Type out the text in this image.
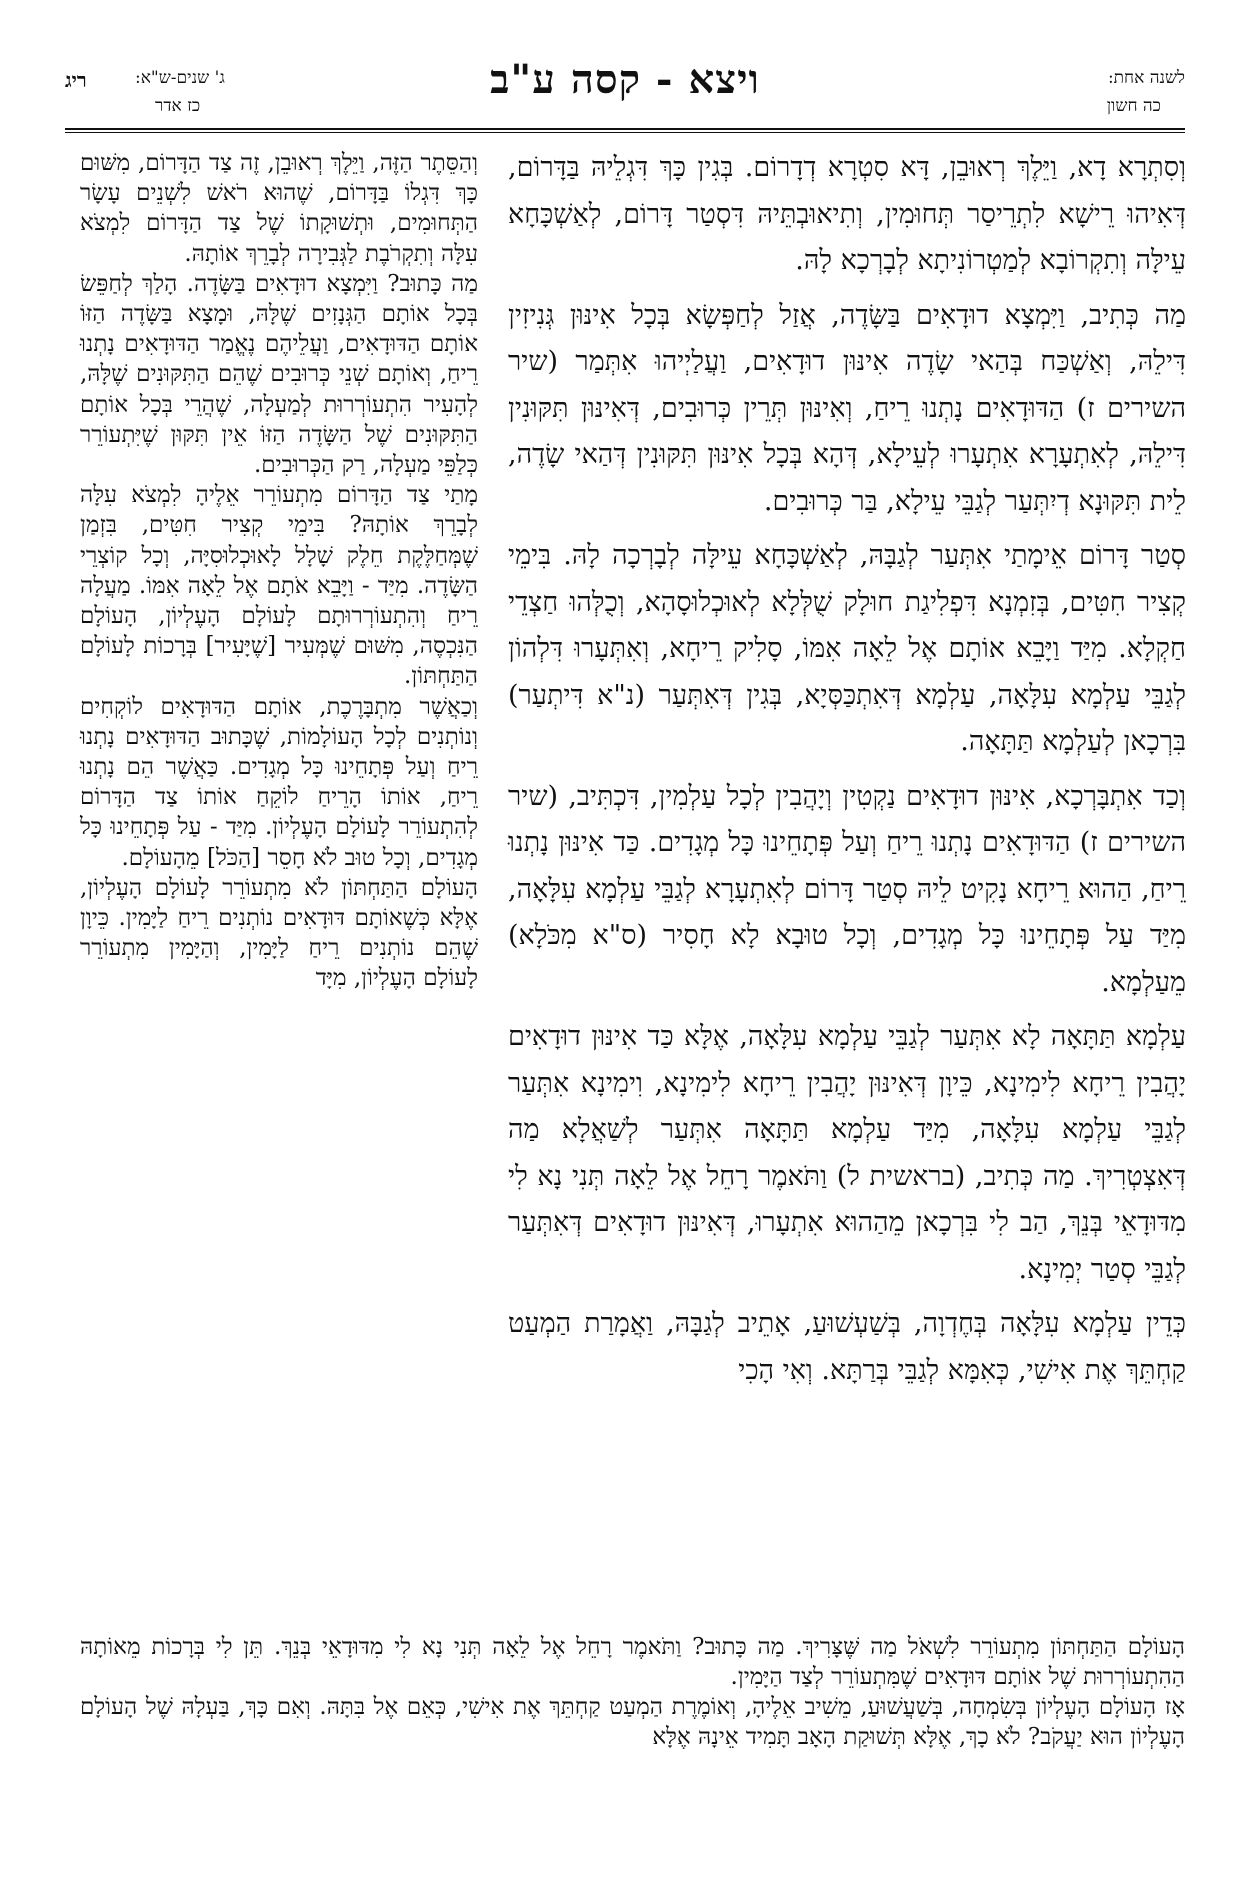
לשנה אחת:
כה חשון
ויצא - קסה ע"ב
ג' שנים-ש"א:
כז אדר
ריג

וְסִתְרָא דָא, וַיֵּלֶךְ רְאוּבֵן, דָּא סִטְרָא דְדָרוֹם. בְּגִין כָּךְ דִּגְלֵיהּ בַּדָּרוֹם, דְּאִיהוּ רֵישָׁא לִתְרֵיסַר תְּחוּמִין, וְתִיאוּבְתֵּיהּ דִּסְטַר דָּרוֹם, לְאַשְׁכָּחָא עֵילָּה וְתִקְרוֹבָא לְמַטְרוֹנִיתָא לְבָרְכָא לָהּ.

מַה כְּתִיב, וַיִּמְצָא דוּדָאִים בַּשָּׂדֶה, אֲזַל לְחַפְּשָׂא בְּכָל אִינּוּן גְּנִיזִין דִּילֵהּ, וְאַשְׁכַּח בְּהַאי שָׂדֶה אִינּוּן דוּדָאִים, וַעֲלַיְיהוּ אִתְּמַר (שיר השירים ז) הַדּוּדָאִים נָתְנוּ רֵיחַ, וְאִינּוּן תְּרֵין כְּרוּבִים, דְּאִינּוּן תִּקּוּנִין דִּילֵהּ, לְאִתְעָרָא אִתְעָרוּ לְעֵילָא, דְּהָא בְּכָל אִינּוּן תִּקּוּנִין דְּהַאי שָׂדֶה, לֵית תִּקּוּנָא דְיִתְּעַר לְגַבֵּי עֵילָא, בַּר כְּרוּבִים.

סְטַר דָּרוֹם אֵימָתַי אִתְּעַר לְגַבָּהּ, לְאַשְׁכָּחָא עֵילָּה לְבָרְכָה לָהּ. בִּימֵי קְצִיר חִטִּים, בְּזִמְנָא דִּפְלִיגַת חוּלָק שֻׁלְּלָא לְאוּכְלוּסָהָא, וְכֻלְּהוּ חַצְדֵי חַקְלָא. מִיַּד וַיָּבֵא אוֹתָם אֶל לֵאָה אִמּוֹ, סָלִיק רֵיחָא, וְאִתְּעָרוּ דִּלְהוֹן לְגַבֵּי עַלְמָא עִלָּאָה, עַלְמָא דְּאִתְכַּסְּיָא, בְּגִין דְּאִתְּעַר (נ"א דִּיתְעַר) בִּרְכָאן לְעַלְמָא תַּתָּאָה.

וְכַד אִתְבָּרְכָא, אִינּוּן דוּדָאִים נַקְטִין וְיָהֲבִין לְכָל עַלְמִין, דִּכְתִּיב, (שיר השירים ז) הַדּוּדָאִים נָתְנוּ רֵיחַ וְעַל פְּתָחֵינוּ כָּל מְגָדִים. כַּד אִינּוּן נָתְנוּ רֵיחַ, הַהוּא רֵיחָא נָקִיט לֵיהּ סְטַר דָּרוֹם לְאִתְעָרָא לְגַבֵּי עַלְמָא עִלָּאָה, מִיַּד עַל פְּתָחֵינוּ כָּל מְגָדִים, וְכָל טוּבָא לָא חָסִיר (ס"א מִכֹּלָא) מֵעַלְמָא.

עַלְמָא תַּתָּאָה לָא אִתְּעַר לְגַבֵּי עַלְמָא עִלָּאָה, אֶלָּא כַּד אִינּוּן דוּדָאִים יָהֲבִין רֵיחָא לִימִינָא, כֵּיוָן דְּאִינּוּן יָהֲבִין רֵיחָא לִימִינָא, וִימִינָא אִתְּעַר לְגַבֵּי עַלְמָא עִלָּאָה, מִיַּד עַלְמָא תַּתָּאָה אִתְּעַר לְשַׁאֲלָא מַה דְּאִצְטְרִיךְ. מַה כְּתִיב, (בראשית ל) וַתֹּאמֶר רָחֵל אֶל לֵאָה תְּנִי נָא לִי מִדּוּדָאֵי בְּנֵךְ, הַב לִי בִּרְכָאן מֵהַהוּא אִתְעָרוּ, דְּאִינּוּן דוּדָאִים דְּאִתְּעַר לְגַבֵּי סְטַר יְמִינָא.

כְּדֵין עַלְמָא עִלָּאָה בְּחֶדְוָה, בְּשַׁעְשׁוּעַ, אָתֵיב לְגַבָּהּ, וַאֲמָרַת הַמְעַט קַחְתֵּךְ אֶת אִישִׁי, כְּאִמָּא לְגַבֵּי בְּרַתָּא. וְאִי הָכִי

וְהַסֵּתֶר הַזֶּה, וַיֵּלֶךְ רְאוּבֵן, זֶה צַד הַדָּרוֹם, מִשּׁוּם כָּךְ דִּגְלוֹ בַּדָּרוֹם, שֶׁהוּא רֹאשׁ לִשְׁנֵים עָשָׂר הַתְּחוּמִים, וּתְשׁוּקָתוֹ שֶׁל צַד הַדָּרוֹם לִמְצֹא עִלָּה וְתִקְרֹבֶת לַגְּבִירָה לְבָרֵךְ אוֹתָהּ.

מַה כָּתוּב? וַיִּמְצָא דוּדָאִים בַּשָּׂדֶה. הָלַךְ לְחַפֵּשׂ בְּכָל אוֹתָם הַגְּנָזִים שֶׁלָּהּ, וּמָצָא בַּשָּׂדֶה הַזּוֹ אוֹתָם הַדּוּדָאִים, וַעֲלֵיהֶם נֶאֱמַר הַדּוּדָאִים נָתְנוּ רֵיחַ, וְאוֹתָם שְׁנֵי כְּרוּבִים שֶׁהֵם הַתִּקּוּנִים שֶׁלָּהּ, לְהָעִיר הִתְעוֹרְרוּת לְמַעְלָה, שֶׁהֲרֵי בְּכָל אוֹתָם הַתִּקּוּנִים שֶׁל הַשָּׂדֶה הַזּוֹ אֵין תִּקּוּן שֶׁיִּתְעוֹרֵר כְּלַפֵּי מַעְלָה, רַק הַכְּרוּבִים.

מָתַי צַד הַדָּרוֹם מִתְעוֹרֵר אֵלֶיהָ לִמְצֹא עִלָּה לְבָרֵךְ אוֹתָהּ? בִּימֵי קְצִיר חִטִּים, בִּזְמַן שֶׁמְּחַלֶּקֶת חֵלֶק שָׁלָל לָאוּכְלוּסִיָּה, וְכָל קוֹצְרֵי הַשָּׂדֶה. מִיַּד - וַיָּבֵא אֹתָם אֶל לֵאָה אִמּוֹ. מַעֲלָה רֵיחַ וְהִתְעוֹרְרוּתָם לָעוֹלָם הָעֶלְיוֹן, הָעוֹלָם הַנִּכְסֶה, מִשּׁוּם שֶׁמְּעִיר [שֶׁיָּעִיר] בְּרָכוֹת לָעוֹלָם הַתַּחְתּוֹן.

וְכַאֲשֶׁר מִתְבָּרֶכֶת, אוֹתָם הַדּוּדָאִים לוֹקְחִים וְנוֹתְנִים לְכָל הָעוֹלָמוֹת, שֶׁכָּתוּב הַדּוּדָאִים נָתְנוּ רֵיחַ וְעַל פְּתָחֵינוּ כָּל מְגָדִים. כַּאֲשֶׁר הֵם נָתְנוּ רֵיחַ, אוֹתוֹ הָרֵיחַ לוֹקֵחַ אוֹתוֹ צַד הַדָּרוֹם לְהִתְעוֹרֵר לָעוֹלָם הָעֶלְיוֹן. מִיַּד - עַל פְּתָחֵינוּ כָּל מְגָדִים, וְכָל טוּב לֹא חָסֵר [הַכֹּל] מֵהָעוֹלָם.

הָעוֹלָם הַתַּחְתּוֹן לֹא מִתְעוֹרֵר לָעוֹלָם הָעֶלְיוֹן, אֶלָּא כְּשֶׁאוֹתָם דּוּדָאִים נוֹתְנִים רֵיחַ לַיָּמִין. כֵּיוָן שֶׁהֵם נוֹתְנִים רֵיחַ לַיָּמִין, וְהַיָּמִין מִתְעוֹרֵר לָעוֹלָם הָעֶלְיוֹן, מִיָּד

הָעוֹלָם הַתַּחְתּוֹן מִתְעוֹרֵר לִשְׁאֹל מַה שֶּׁצָּרִיךְ. מַה כָּתוּב? וַתֹּאמֶר רָחֵל אֶל לֵאָה תְּנִי נָא לִי מִדּוּדָאֵי בְּנֵךְ. תֵּן לִי בְּרָכוֹת מֵאוֹתָהּ הַהִתְעוֹרְרוּת שֶׁל אוֹתָם דּוּדָאִים שֶׁמִּתְעוֹרֵר לְצַד הַיָּמִין.

אָז הָעוֹלָם הָעֶלְיוֹן בְּשִׂמְחָה, בְּשַׁעֲשׁוּעַ, מֵשִׁיב אֵלֶיהָ, וְאוֹמֶרֶת הַמְעַט קַחְתֵּךְ אֶת אִישִׁי, כְּאֵם אֶל בִּתָּהּ. וְאִם כָּךְ, בַּעְלָהּ שֶׁל הָעוֹלָם הָעֶלְיוֹן הוּא יַעֲקֹב? לֹא כָךְ, אֶלָּא תְּשׁוּקַת הָאָב תָּמִיד אֵינָהּ אֶלָּא
